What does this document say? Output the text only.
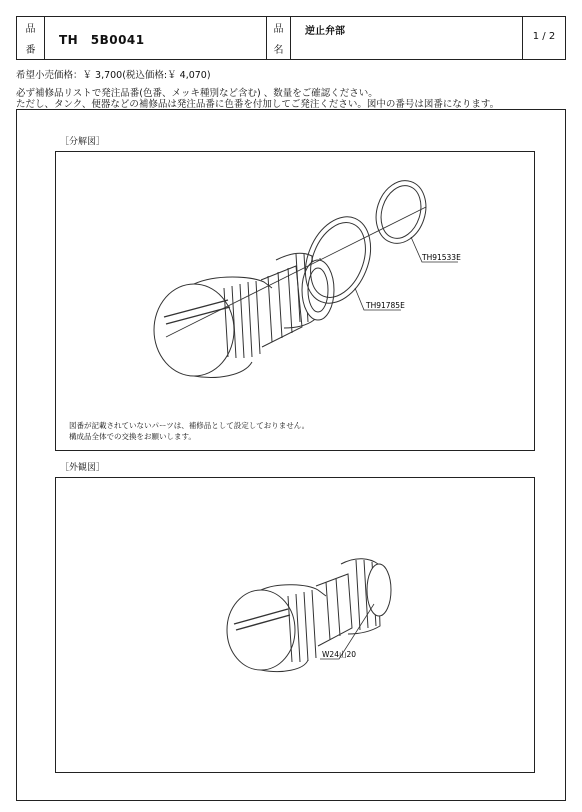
品
番
TH　5B0041
品
名
逆止弁部	1 / 2
希望小売価格：￥ 3,700(税込価格:￥ 4,070)
必ず補修品リストで発注品番(色番、メッキ種別など含む) 、数量をご確認ください。
ただし、タンク、便器などの補修品は発注品番に色番を付加してご発注ください。図中の番号は図番になります。
［分解図］
TH91533E
TH91785E
図番が記載されていないパーツは、補修品として設定しておりません。
構成品全体での交換をお願いします。
［外観図］
W24山20
